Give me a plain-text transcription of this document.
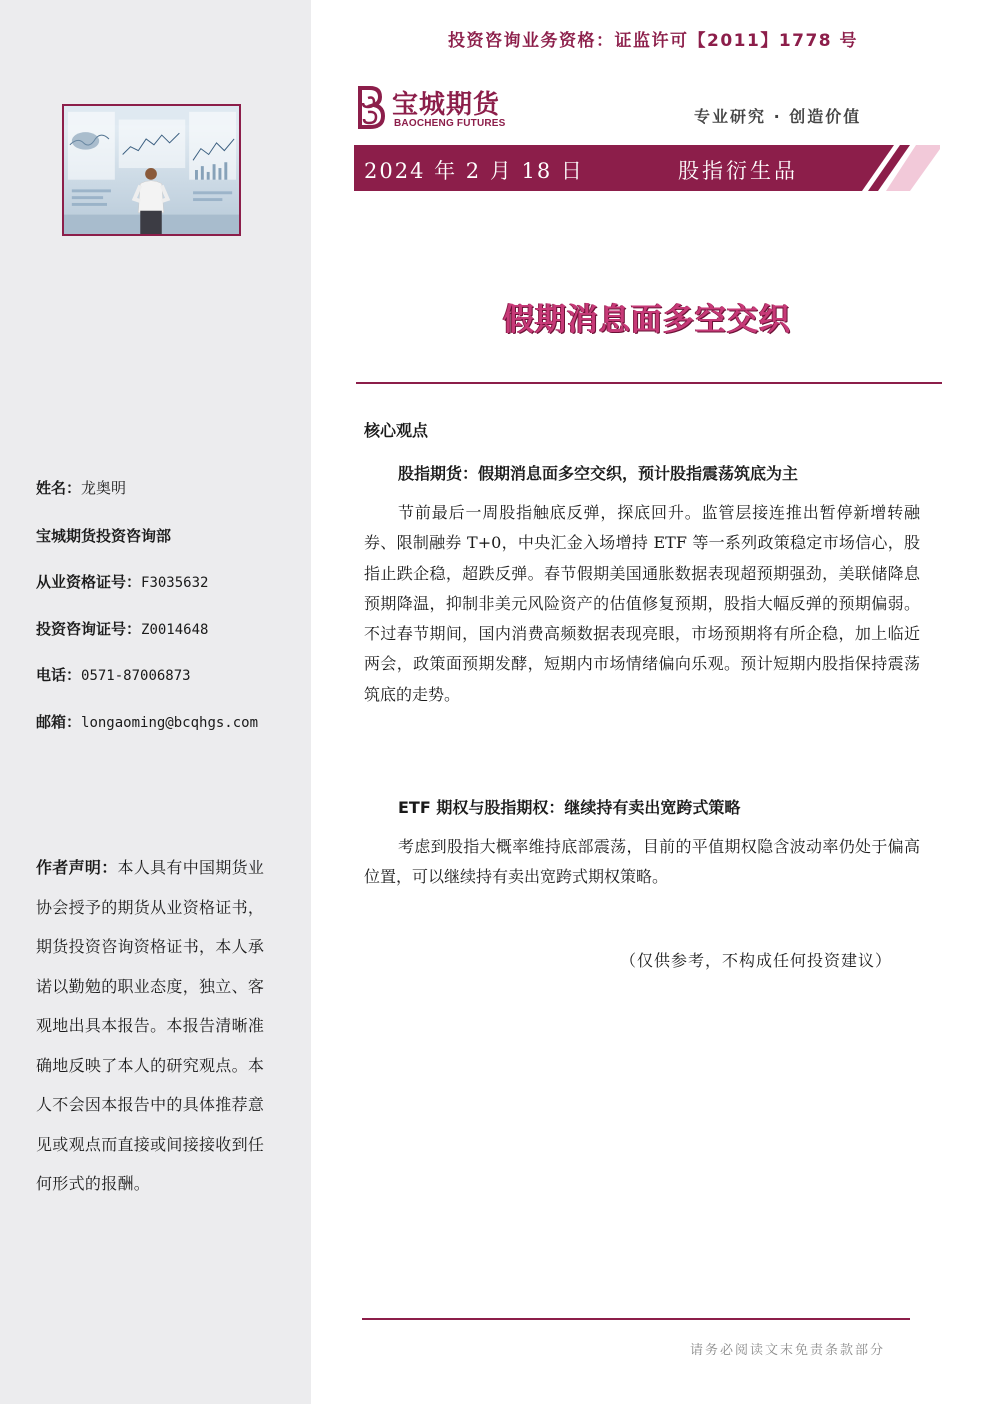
姓名：龙奥明
宝城期货投资咨询部
从业资格证号：F3035632
投资咨询证号：Z0014648
电话：0571-87006873
邮箱：longaoming@bcqhgs.com
作者声明：本人具有中国期货业协会授予的期货从业资格证书，期货投资咨询资格证书，本人承诺以勤勉的职业态度，独立、客观地出具本报告。本报告清晰准确地反映了本人的研究观点。本人不会因本报告中的具体推荐意见或观点而直接或间接接收到任何形式的报酬。
投资咨询业务资格：证监许可【2011】1778 号
宝城期货
BAOCHENG FUTURES	专业研究 · 创造价值
2024 年 2 月 18 日	股指衍生品
假期消息面多空交织
核心观点
股指期货：假期消息面多空交织，预计股指震荡筑底为主
节前最后一周股指触底反弹，探底回升。监管层接连推出暂停新增转融券、限制融券 T+0，中央汇金入场增持 ETF 等一系列政策稳定市场信心，股指止跌企稳，超跌反弹。春节假期美国通胀数据表现超预期强劲，美联储降息预期降温，抑制非美元风险资产的估值修复预期，股指大幅反弹的预期偏弱。不过春节期间，国内消费高频数据表现亮眼，市场预期将有所企稳，加上临近两会，政策面预期发酵，短期内市场情绪偏向乐观。预计短期内股指保持震荡筑底的走势。
ETF 期权与股指期权：继续持有卖出宽跨式策略
考虑到股指大概率维持底部震荡，目前的平值期权隐含波动率仍处于偏高位置，可以继续持有卖出宽跨式期权策略。
（仅供参考，不构成任何投资建议）
请务必阅读文末免责条款部分
